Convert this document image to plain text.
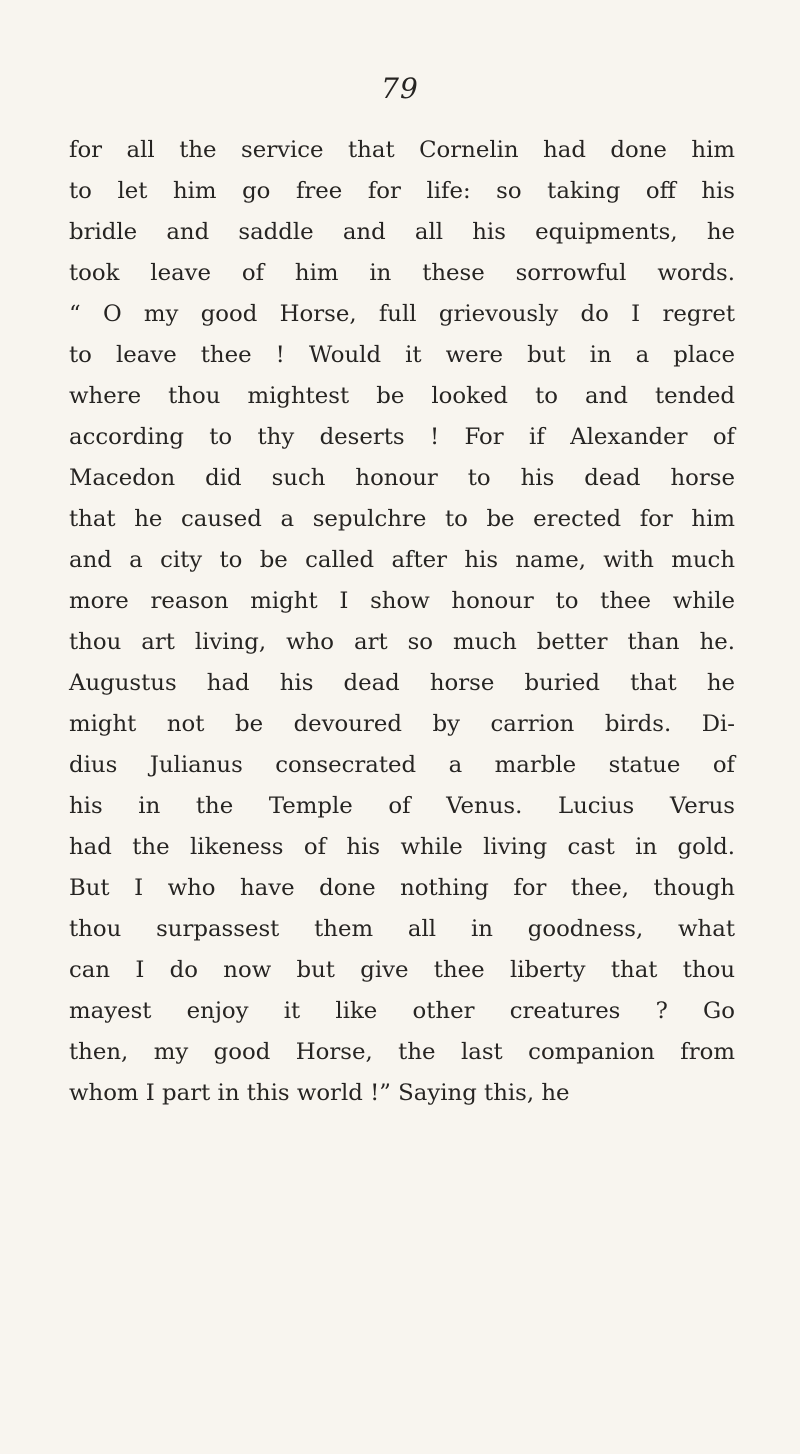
79
for all the service that Cornelin had done him
to let him go free for life: so taking off his
bridle and saddle and all his equipments, he
took leave of him in these sorrowful words.
“ O my good Horse, full grievously do I regret
to leave thee ! Would it were but in a place
where thou mightest be looked to and tended
according to thy deserts ! For if Alexander of
Macedon did such honour to his dead horse
that he caused a sepulchre to be erected for him
and a city to be called after his name, with much
more reason might I show honour to thee while
thou art living, who art so much better than he.
Augustus had his dead horse buried that he
might not be devoured by carrion birds. Di-
dius Julianus consecrated a marble statue of
his in the Temple of Venus. Lucius Verus
had the likeness of his while living cast in gold.
But I who have done nothing for thee, though
thou surpassest them all in goodness, what
can I do now but give thee liberty that thou
mayest enjoy it like other creatures ? Go
then, my good Horse, the last companion from
whom I part in this world !” Saying this, he
